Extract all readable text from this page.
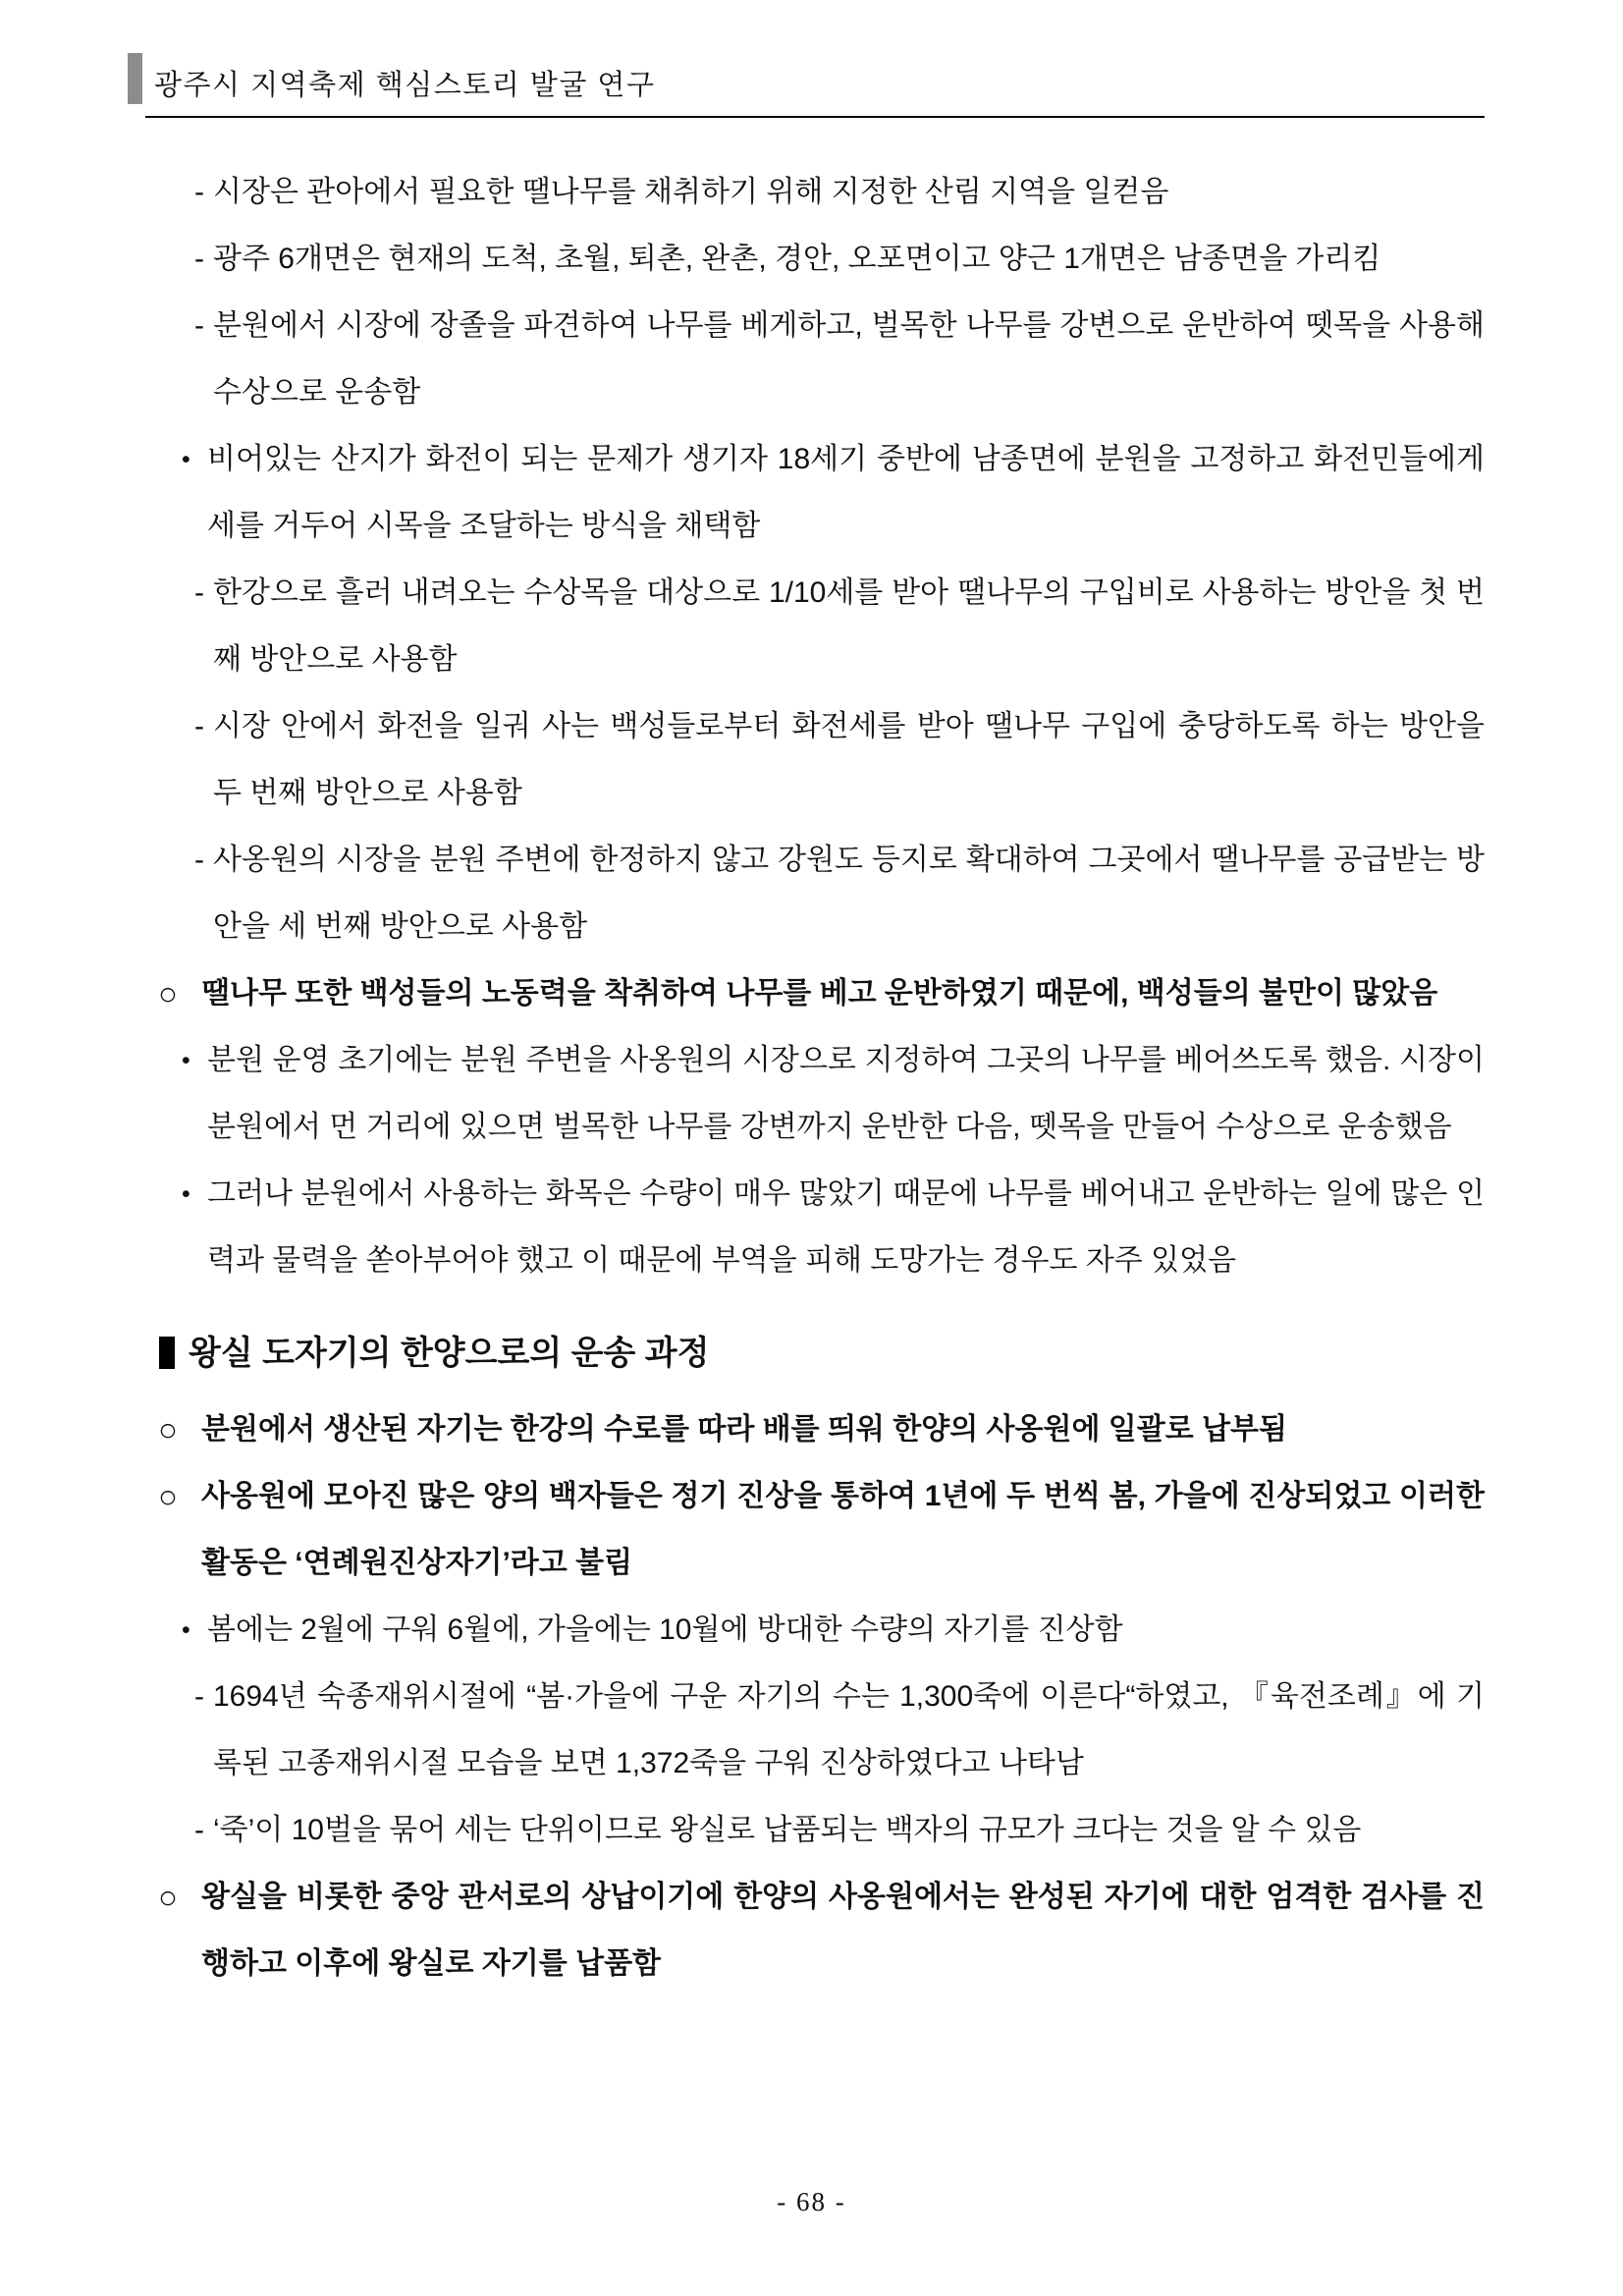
광주시 지역축제 핵심스토리 발굴 연구
- 시장은 관아에서 필요한 땔나무를 채취하기 위해 지정한 산림 지역을 일컫음
- 광주 6개면은 현재의 도척, 초월, 퇴촌, 완촌, 경안, 오포면이고 양근 1개면은 남종면을 가리킴
- 분원에서 시장에 장졸을 파견하여 나무를 베게하고, 벌목한 나무를 강변으로 운반하여 뗏목을 사용해 수상으로 운송함
• 비어있는 산지가 화전이 되는 문제가 생기자 18세기 중반에 남종면에 분원을 고정하고 화전민들에게 세를 거두어 시목을 조달하는 방식을 채택함
- 한강으로 흘러 내려오는 수상목을 대상으로 1/10세를 받아 땔나무의 구입비로 사용하는 방안을 첫 번째 방안으로 사용함
- 시장 안에서 화전을 일궈 사는 백성들로부터 화전세를 받아 땔나무 구입에 충당하도록 하는 방안을 두 번째 방안으로 사용함
- 사옹원의 시장을 분원 주변에 한정하지 않고 강원도 등지로 확대하여 그곳에서 땔나무를 공급받는 방안을 세 번째 방안으로 사용함
○ 땔나무 또한 백성들의 노동력을 착취하여 나무를 베고 운반하였기 때문에, 백성들의 불만이 많았음
• 분원 운영 초기에는 분원 주변을 사옹원의 시장으로 지정하여 그곳의 나무를 베어쓰도록 했음. 시장이 분원에서 먼 거리에 있으면 벌목한 나무를 강변까지 운반한 다음, 뗏목을 만들어 수상으로 운송했음
• 그러나 분원에서 사용하는 화목은 수량이 매우 많았기 때문에 나무를 베어내고 운반하는 일에 많은 인력과 물력을 쏟아부어야 했고 이 때문에 부역을 피해 도망가는 경우도 자주 있었음
왕실 도자기의 한양으로의 운송 과정
○ 분원에서 생산된 자기는 한강의 수로를 따라 배를 띄워 한양의 사옹원에 일괄로 납부됨
○ 사옹원에 모아진 많은 양의 백자들은 정기 진상을 통하여 1년에 두 번씩 봄, 가을에 진상되었고 이러한 활동은 ‘연례원진상자기’라고 불림
• 봄에는 2월에 구워 6월에, 가을에는 10월에 방대한 수량의 자기를 진상함
- 1694년 숙종재위시절에 “봄·가을에 구운 자기의 수는 1,300죽에 이른다“하였고, 『육전조례』에 기록된 고종재위시절 모습을 보면 1,372죽을 구워 진상하였다고 나타남
- ‘죽’이 10벌을 묶어 세는 단위이므로 왕실로 납품되는 백자의 규모가 크다는 것을 알 수 있음
○ 왕실을 비롯한 중앙 관서로의 상납이기에 한양의 사옹원에서는 완성된 자기에 대한 엄격한 검사를 진행하고 이후에 왕실로 자기를 납품함
- 68 -
